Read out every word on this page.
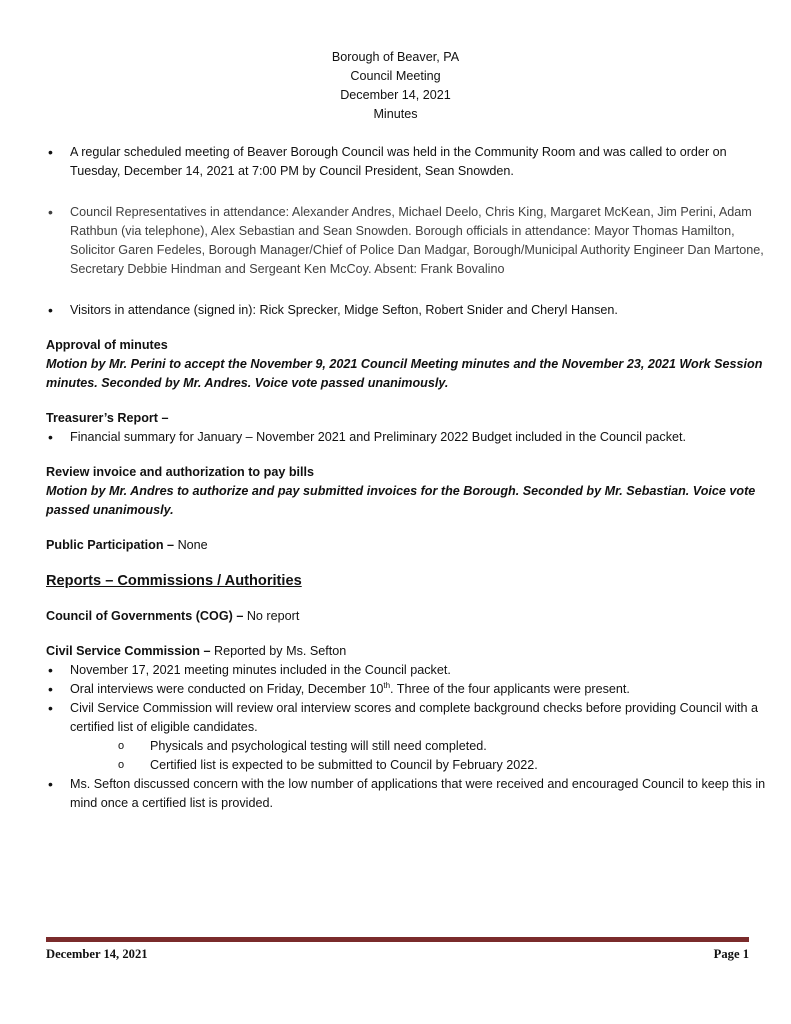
Borough of Beaver, PA
Council Meeting
December 14, 2021
Minutes

• A regular scheduled meeting of Beaver Borough Council was held in the Community Room and was called to order on Tuesday, December 14, 2021 at 7:00 PM by Council President, Sean Snowden.

• Council Representatives in attendance: Alexander Andres, Michael Deelo, Chris King, Margaret McKean, Jim Perini, Adam Rathbun (via telephone), Alex Sebastian and Sean Snowden. Borough officials in attendance: Mayor Thomas Hamilton, Solicitor Garen Fedeles, Borough Manager/Chief of Police Dan Madgar, Borough/Municipal Authority Engineer Dan Martone, Secretary Debbie Hindman and Sergeant Ken McCoy. Absent: Frank Bovalino

• Visitors in attendance (signed in): Rick Sprecker, Midge Sefton, Robert Snider and Cheryl Hansen.

Approval of minutes
Motion by Mr. Perini to accept the November 9, 2021 Council Meeting minutes and the November 23, 2021 Work Session minutes. Seconded by Mr. Andres. Voice vote passed unanimously.
Treasurer’s Report –

• Financial summary for January – November 2021 and Preliminary 2022 Budget included in the Council packet.

Review invoice and authorization to pay bills
Motion by Mr. Andres to authorize and pay submitted invoices for the Borough. Seconded by Mr. Sebastian. Voice vote passed unanimously.
Public Participation – None
Reports – Commissions / Authorities
Council of Governments (COG) – No report
Civil Service Commission – Reported by Ms. Sefton

• November 17, 2021 meeting minutes included in the Council packet.

• Oral interviews were conducted on Friday, December 10th. Three of the four applicants were present.

• Civil Service Commission will review oral interview scores and complete background checks before providing Council with a certified list of eligible candidates.

o Physicals and psychological testing will still need completed.

o Certified list is expected to be submitted to Council by February 2022.

• Ms. Sefton discussed concern with the low number of applications that were received and encouraged Council to keep this in mind once a certified list is provided.

December 14, 2021	Page 1
